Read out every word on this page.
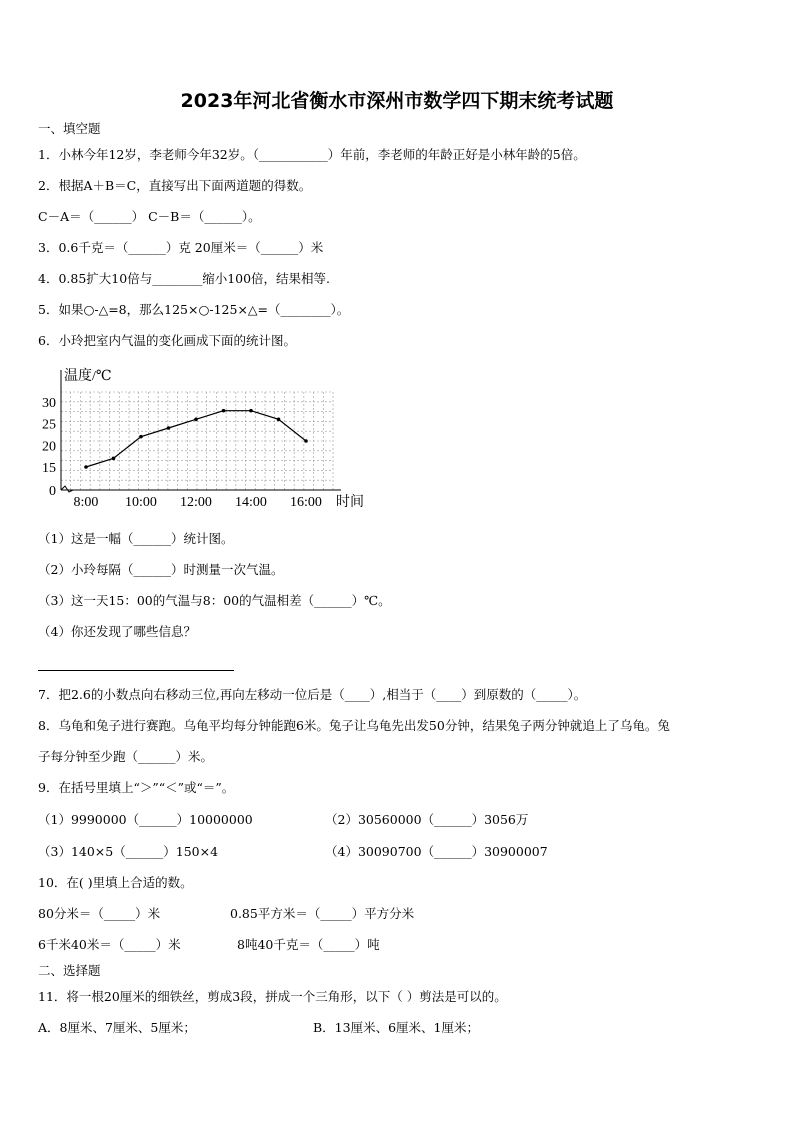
2023年河北省衡水市深州市数学四下期末统考试题
一、填空题
1．小林今年12岁，李老师今年32岁。（___________）年前，李老师的年龄正好是小林年龄的5倍。
2．根据A＋B＝C，直接写出下面两道题的得数。
C－A＝（______） C－B＝（______）。
3．0.6千克＝（______）克 20厘米＝（______）米
4．0.85扩大10倍与________缩小100倍，结果相等.
5．如果○-△=8，那么125×○-125×△=（________）。
6．小玲把室内气温的变化画成下面的统计图。
温度/℃
时间
0
15
20
25
30
8:00 10:00 12:00 14:00 16:00
（1）这是一幅（______）统计图。
（2）小玲每隔（______）时测量一次气温。
（3）这一天15：00的气温与8：00的气温相差（______）℃。
（4）你还发现了哪些信息？
7．把2.6的小数点向右移动三位,再向左移动一位后是（____）,相当于（____）到原数的（_____）。
8．乌龟和兔子进行赛跑。乌龟平均每分钟能跑6米。兔子让乌龟先出发50分钟，结果兔子两分钟就追上了乌龟。兔
子每分钟至少跑（______）米。
9．在括号里填上“＞”“＜”或“＝”。
（1）9990000（______）10000000	（2）30560000（______）3056万
（3）140×5（______）150×4	（4）30090700（______）30900007
10．在( )里填上合适的数。
80分米＝（_____）米	0.85平方米＝（_____）平方分米
6千米40米＝（_____）米	8吨40千克＝（_____）吨
二、选择题
11．将一根20厘米的细铁丝，剪成3段，拼成一个三角形，以下（ ）剪法是可以的。
A．8厘米、7厘米、5厘米；	B．13厘米、6厘米、1厘米；
